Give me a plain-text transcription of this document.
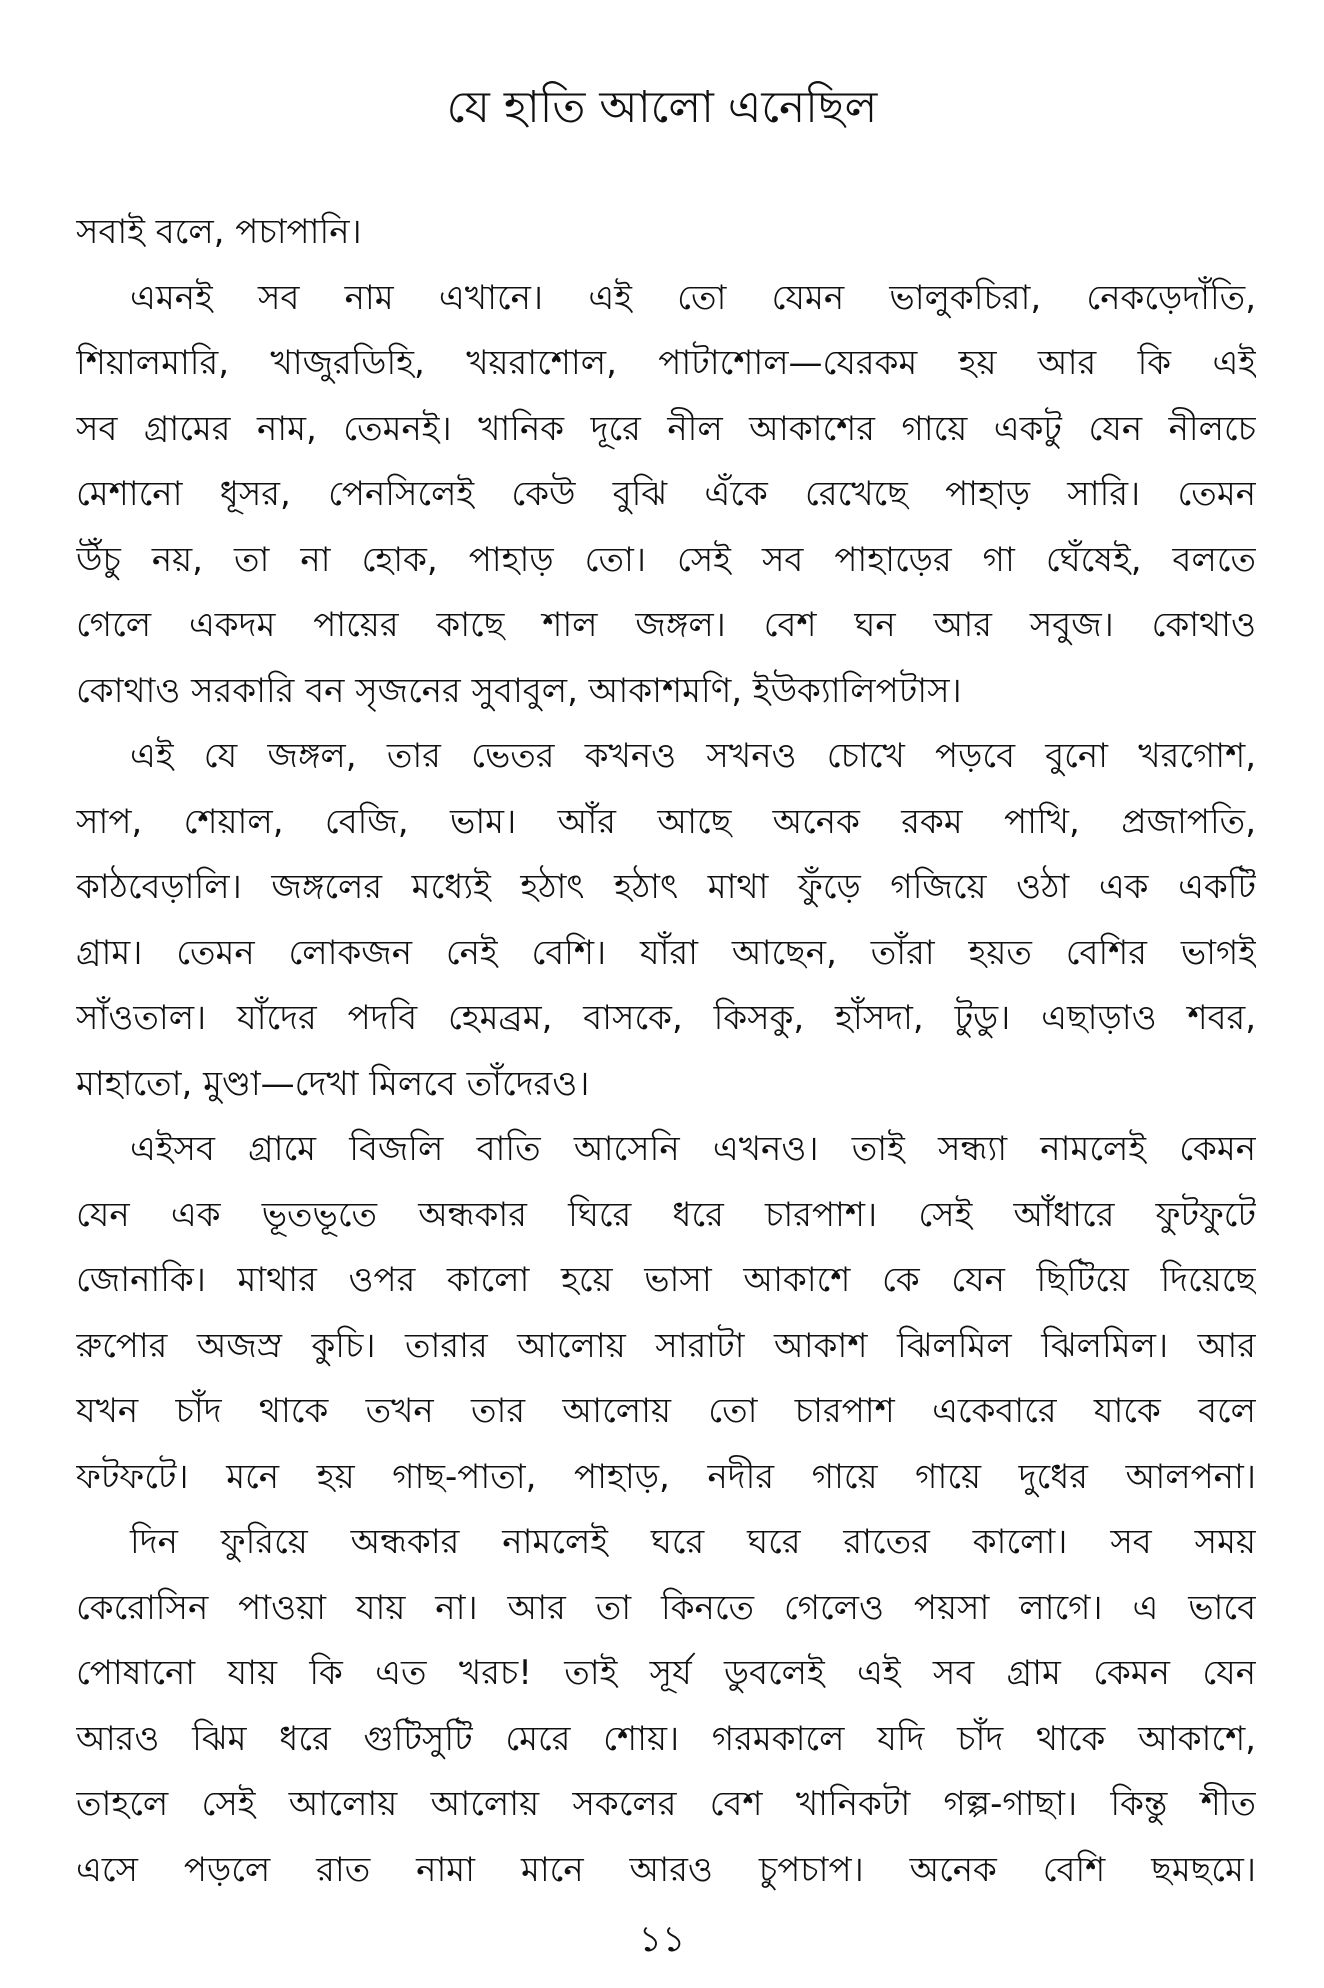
যে হাতি আলো এনেছিল
সবাই বলে, পচাপানি।
এমনই সব নাম এখানে। এই তো যেমন ভালুকচিরা, নেকড়েদাঁতি,
শিয়ালমারি, খাজুরডিহি, খয়রাশোল, পাটাশোল—যেরকম হয় আর কি এই
সব গ্রামের নাম, তেমনই। খানিক দূরে নীল আকাশের গায়ে একটু যেন নীলচে
মেশানো ধূসর, পেনসিলেই কেউ বুঝি এঁকে রেখেছে পাহাড় সারি। তেমন
উঁচু নয়, তা না হোক, পাহাড় তো। সেই সব পাহাড়ের গা ঘেঁষেই, বলতে
গেলে একদম পায়ের কাছে শাল জঙ্গল। বেশ ঘন আর সবুজ। কোথাও
কোথাও সরকারি বন সৃজনের সুবাবুল, আকাশমণি, ইউক্যালিপটাস।
এই যে জঙ্গল, তার ভেতর কখনও সখনও চোখে পড়বে বুনো খরগোশ,
সাপ, শেয়াল, বেজি, ভাম। আঁর আছে অনেক রকম পাখি, প্রজাপতি,
কাঠবেড়ালি। জঙ্গলের মধ্যেই হঠাৎ হঠাৎ মাথা ফুঁড়ে গজিয়ে ওঠা এক একটি
গ্রাম। তেমন লোকজন নেই বেশি। যাঁরা আছেন, তাঁরা হয়ত বেশির ভাগই
সাঁওতাল। যাঁদের পদবি হেমব্রম, বাসকে, কিসকু, হাঁসদা, টুডু। এছাড়াও শবর,
মাহাতো, মুণ্ডা—দেখা মিলবে তাঁদেরও।
এইসব গ্রামে বিজলি বাতি আসেনি এখনও। তাই সন্ধ্যা নামলেই কেমন
যেন এক ভূতভূতে অন্ধকার ঘিরে ধরে চারপাশ। সেই আঁধারে ফুটফুটে
জোনাকি। মাথার ওপর কালো হয়ে ভাসা আকাশে কে যেন ছিটিয়ে দিয়েছে
রুপোর অজস্র কুচি। তারার আলোয় সারাটা আকাশ ঝিলমিল ঝিলমিল। আর
যখন চাঁদ থাকে তখন তার আলোয় তো চারপাশ একেবারে যাকে বলে
ফটফটে। মনে হয় গাছ-পাতা, পাহাড়, নদীর গায়ে গায়ে দুধের আলপনা।
দিন ফুরিয়ে অন্ধকার নামলেই ঘরে ঘরে রাতের কালো। সব সময়
কেরোসিন পাওয়া যায় না। আর তা কিনতে গেলেও পয়সা লাগে। এ ভাবে
পোষানো যায় কি এত খরচ! তাই সূর্য ডুবলেই এই সব গ্রাম কেমন যেন
আরও ঝিম ধরে গুটিসুটি মেরে শোয়। গরমকালে যদি চাঁদ থাকে আকাশে,
তাহলে সেই আলোয় আলোয় সকলের বেশ খানিকটা গল্প-গাছা। কিন্তু শীত
এসে পড়লে রাত নামা মানে আরও চুপচাপ। অনেক বেশি ছমছমে।
১১
